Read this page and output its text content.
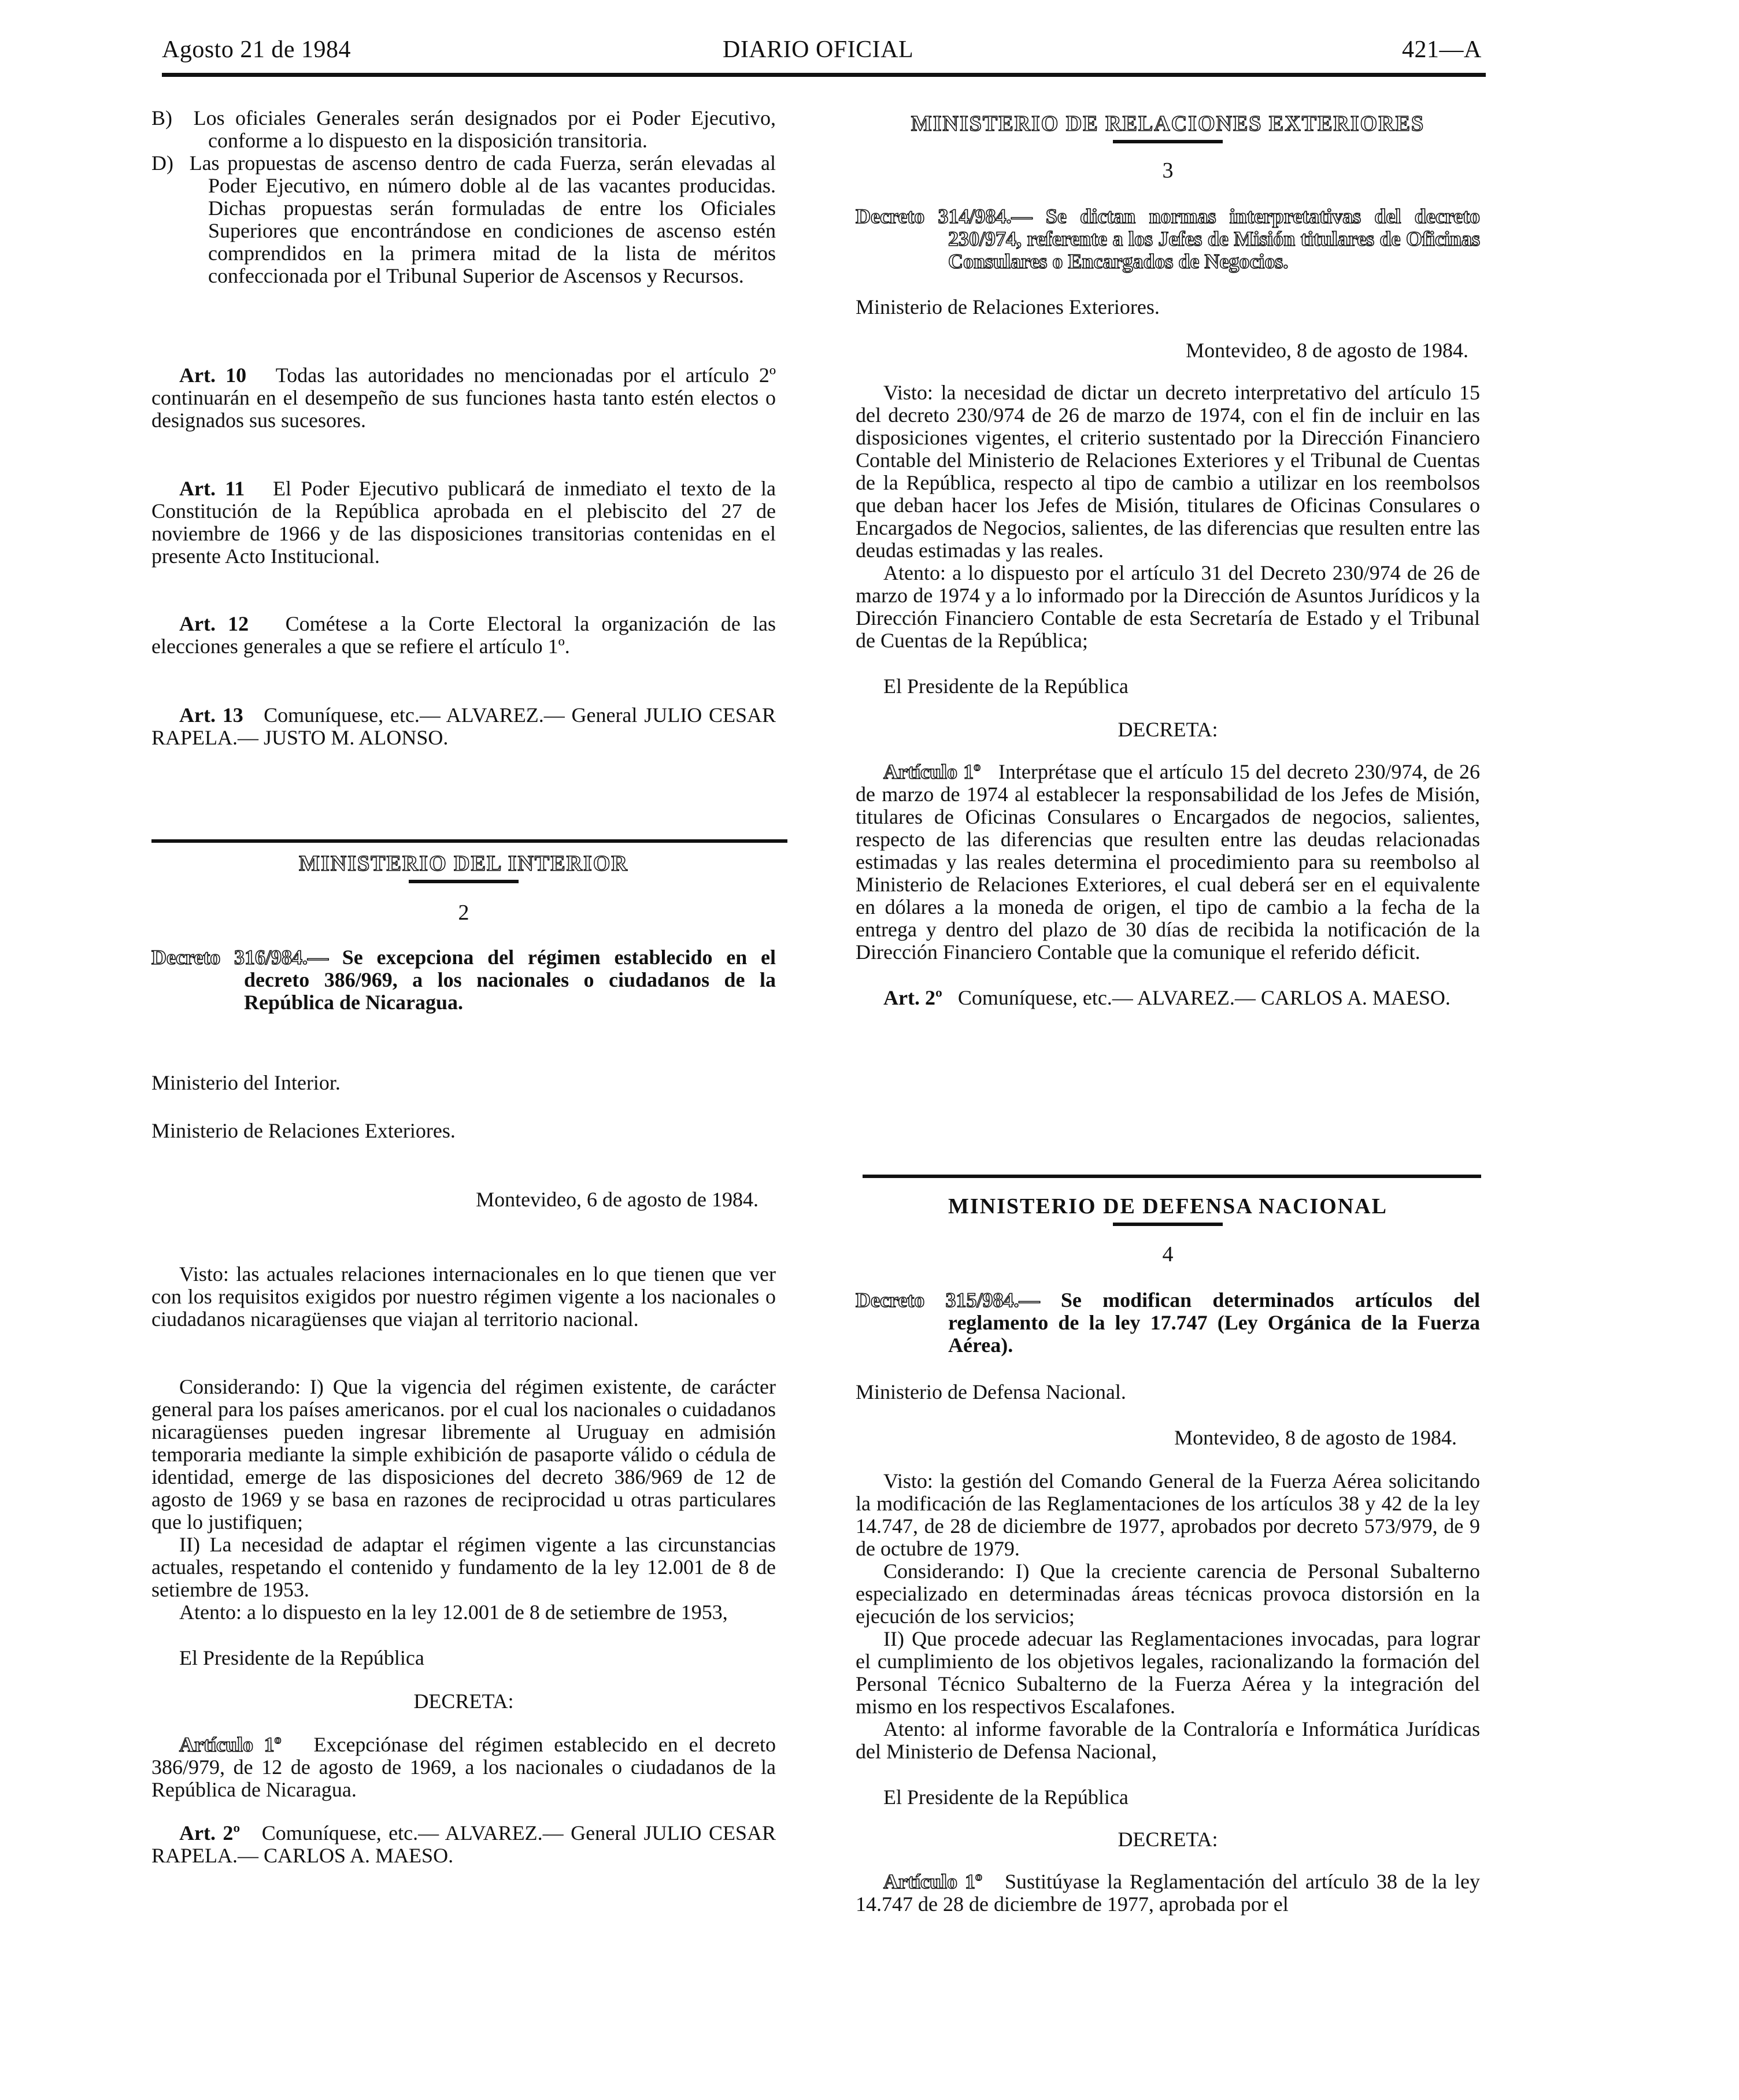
Agosto 21 de 1984	DIARIO OFICIAL	421—A

B) Los oficiales Generales serán designados por ei Poder Ejecutivo, conforme a lo dispuesto en la disposición transitoria.

D) Las propuestas de ascenso dentro de cada Fuerza, serán elevadas al Poder Ejecutivo, en número doble al de las vacantes producidas. Dichas propuestas serán formuladas de entre los Oficiales Superiores que encontrándose en condiciones de ascenso estén comprendidos en la primera mitad de la lista de méritos confeccionada por el Tribunal Superior de Ascensos y Recursos.

Art. 10 Todas las autoridades no mencionadas por el artículo 2º continuarán en el desempeño de sus funciones hasta tanto estén electos o designados sus sucesores.

Art. 11 El Poder Ejecutivo publicará de inmediato el texto de la Constitución de la República aprobada en el plebiscito del 27 de noviembre de 1966 y de las disposiciones transitorias contenidas en el presente Acto Institucional.

Art. 12 Cométese a la Corte Electoral la organización de las elecciones generales a que se refiere el artículo 1º.

Art. 13 Comuníquese, etc.— ALVAREZ.— General JULIO CESAR RAPELA.— JUSTO M. ALONSO.

MINISTERIO DEL INTERIOR
2

Decreto 316/984.— Se excepciona del régimen establecido en el decreto 386/969, a los nacionales o ciudadanos de la República de Nicaragua.

Ministerio del Interior.

Ministerio de Relaciones Exteriores.

Montevideo, 6 de agosto de 1984.

Visto: las actuales relaciones internacionales en lo que tienen que ver con los requisitos exigidos por nuestro régimen vigente a los nacionales o ciudadanos nicaragüenses que viajan al territorio nacional.

Considerando: I) Que la vigencia del régimen existente, de carácter general para los países americanos. por el cual los nacionales o cuidadanos nicaragüenses pueden ingresar libremente al Uruguay en admisión temporaria mediante la simple exhibición de pasaporte válido o cédula de identidad, emerge de las disposiciones del decreto 386/969 de 12 de agosto de 1969 y se basa en razones de reciprocidad u otras particulares que lo justifiquen;

II) La necesidad de adaptar el régimen vigente a las circunstancias actuales, respetando el contenido y fundamento de la ley 12.001 de 8 de setiembre de 1953.

Atento: a lo dispuesto en la ley 12.001 de 8 de setiembre de 1953,

El Presidente de la República

DECRETA:

Artículo 1º Excepciónase del régimen establecido en el decreto 386/979, de 12 de agosto de 1969, a los nacionales o ciudadanos de la República de Nicaragua.

Art. 2º Comuníquese, etc.— ALVAREZ.— General JULIO CESAR RAPELA.— CARLOS A. MAESO.

MINISTERIO DE RELACIONES EXTERIORES
3

Decreto 314/984.— Se dictan normas interpretativas del decreto 230/974, referente a los Jefes de Misión titulares de Oficinas Consulares o Encargados de Negocios.

Ministerio de Relaciones Exteriores.

Montevideo, 8 de agosto de 1984.

Visto: la necesidad de dictar un decreto interpretativo del artículo 15 del decreto 230/974 de 26 de marzo de 1974, con el fin de incluir en las disposiciones vigentes, el criterio sustentado por la Dirección Financiero Contable del Ministerio de Relaciones Exteriores y el Tribunal de Cuentas de la República, respecto al tipo de cambio a utilizar en los reembolsos que deban hacer los Jefes de Misión, titulares de Oficinas Consulares o Encargados de Negocios, salientes, de las diferencias que resulten entre las deudas estimadas y las reales.

Atento: a lo dispuesto por el artículo 31 del Decreto 230/974 de 26 de marzo de 1974 y a lo informado por la Dirección de Asuntos Jurídicos y la Dirección Financiero Contable de esta Secretaría de Estado y el Tribunal de Cuentas de la República;

El Presidente de la República

DECRETA:

Artículo 1º Interprétase que el artículo 15 del decreto 230/974, de 26 de marzo de 1974 al establecer la responsabilidad de los Jefes de Misión, titulares de Oficinas Consulares o Encargados de negocios, salientes, respecto de las diferencias que resulten entre las deudas relacionadas estimadas y las reales determina el procedimiento para su reembolso al Ministerio de Relaciones Exteriores, el cual deberá ser en el equivalente en dólares a la moneda de origen, el tipo de cambio a la fecha de la entrega y dentro del plazo de 30 días de recibida la notificación de la Dirección Financiero Contable que la comunique el referido déficit.

Art. 2º Comuníquese, etc.— ALVAREZ.— CARLOS A. MAESO.

MINISTERIO DE DEFENSA NACIONAL
4

Decreto 315/984.— Se modifican determinados artículos del reglamento de la ley 17.747 (Ley Orgánica de la Fuerza Aérea).

Ministerio de Defensa Nacional.

Montevideo, 8 de agosto de 1984.

Visto: la gestión del Comando General de la Fuerza Aérea solicitando la modificación de las Reglamentaciones de los artículos 38 y 42 de la ley 14.747, de 28 de diciembre de 1977, aprobados por decreto 573/979, de 9 de octubre de 1979.

Considerando: I) Que la creciente carencia de Personal Subalterno especializado en determinadas áreas técnicas provoca distorsión en la ejecución de los servicios;

II) Que procede adecuar las Reglamentaciones invocadas, para lograr el cumplimiento de los objetivos legales, racionalizando la formación del Personal Técnico Subalterno de la Fuerza Aérea y la integración del mismo en los respectivos Escalafones.

Atento: al informe favorable de la Contraloría e Informática Jurídicas del Ministerio de Defensa Nacional,

El Presidente de la República

DECRETA:

Artículo 1º Sustitúyase la Reglamentación del artículo 38 de la ley 14.747 de 28 de diciembre de 1977, aprobada por el
